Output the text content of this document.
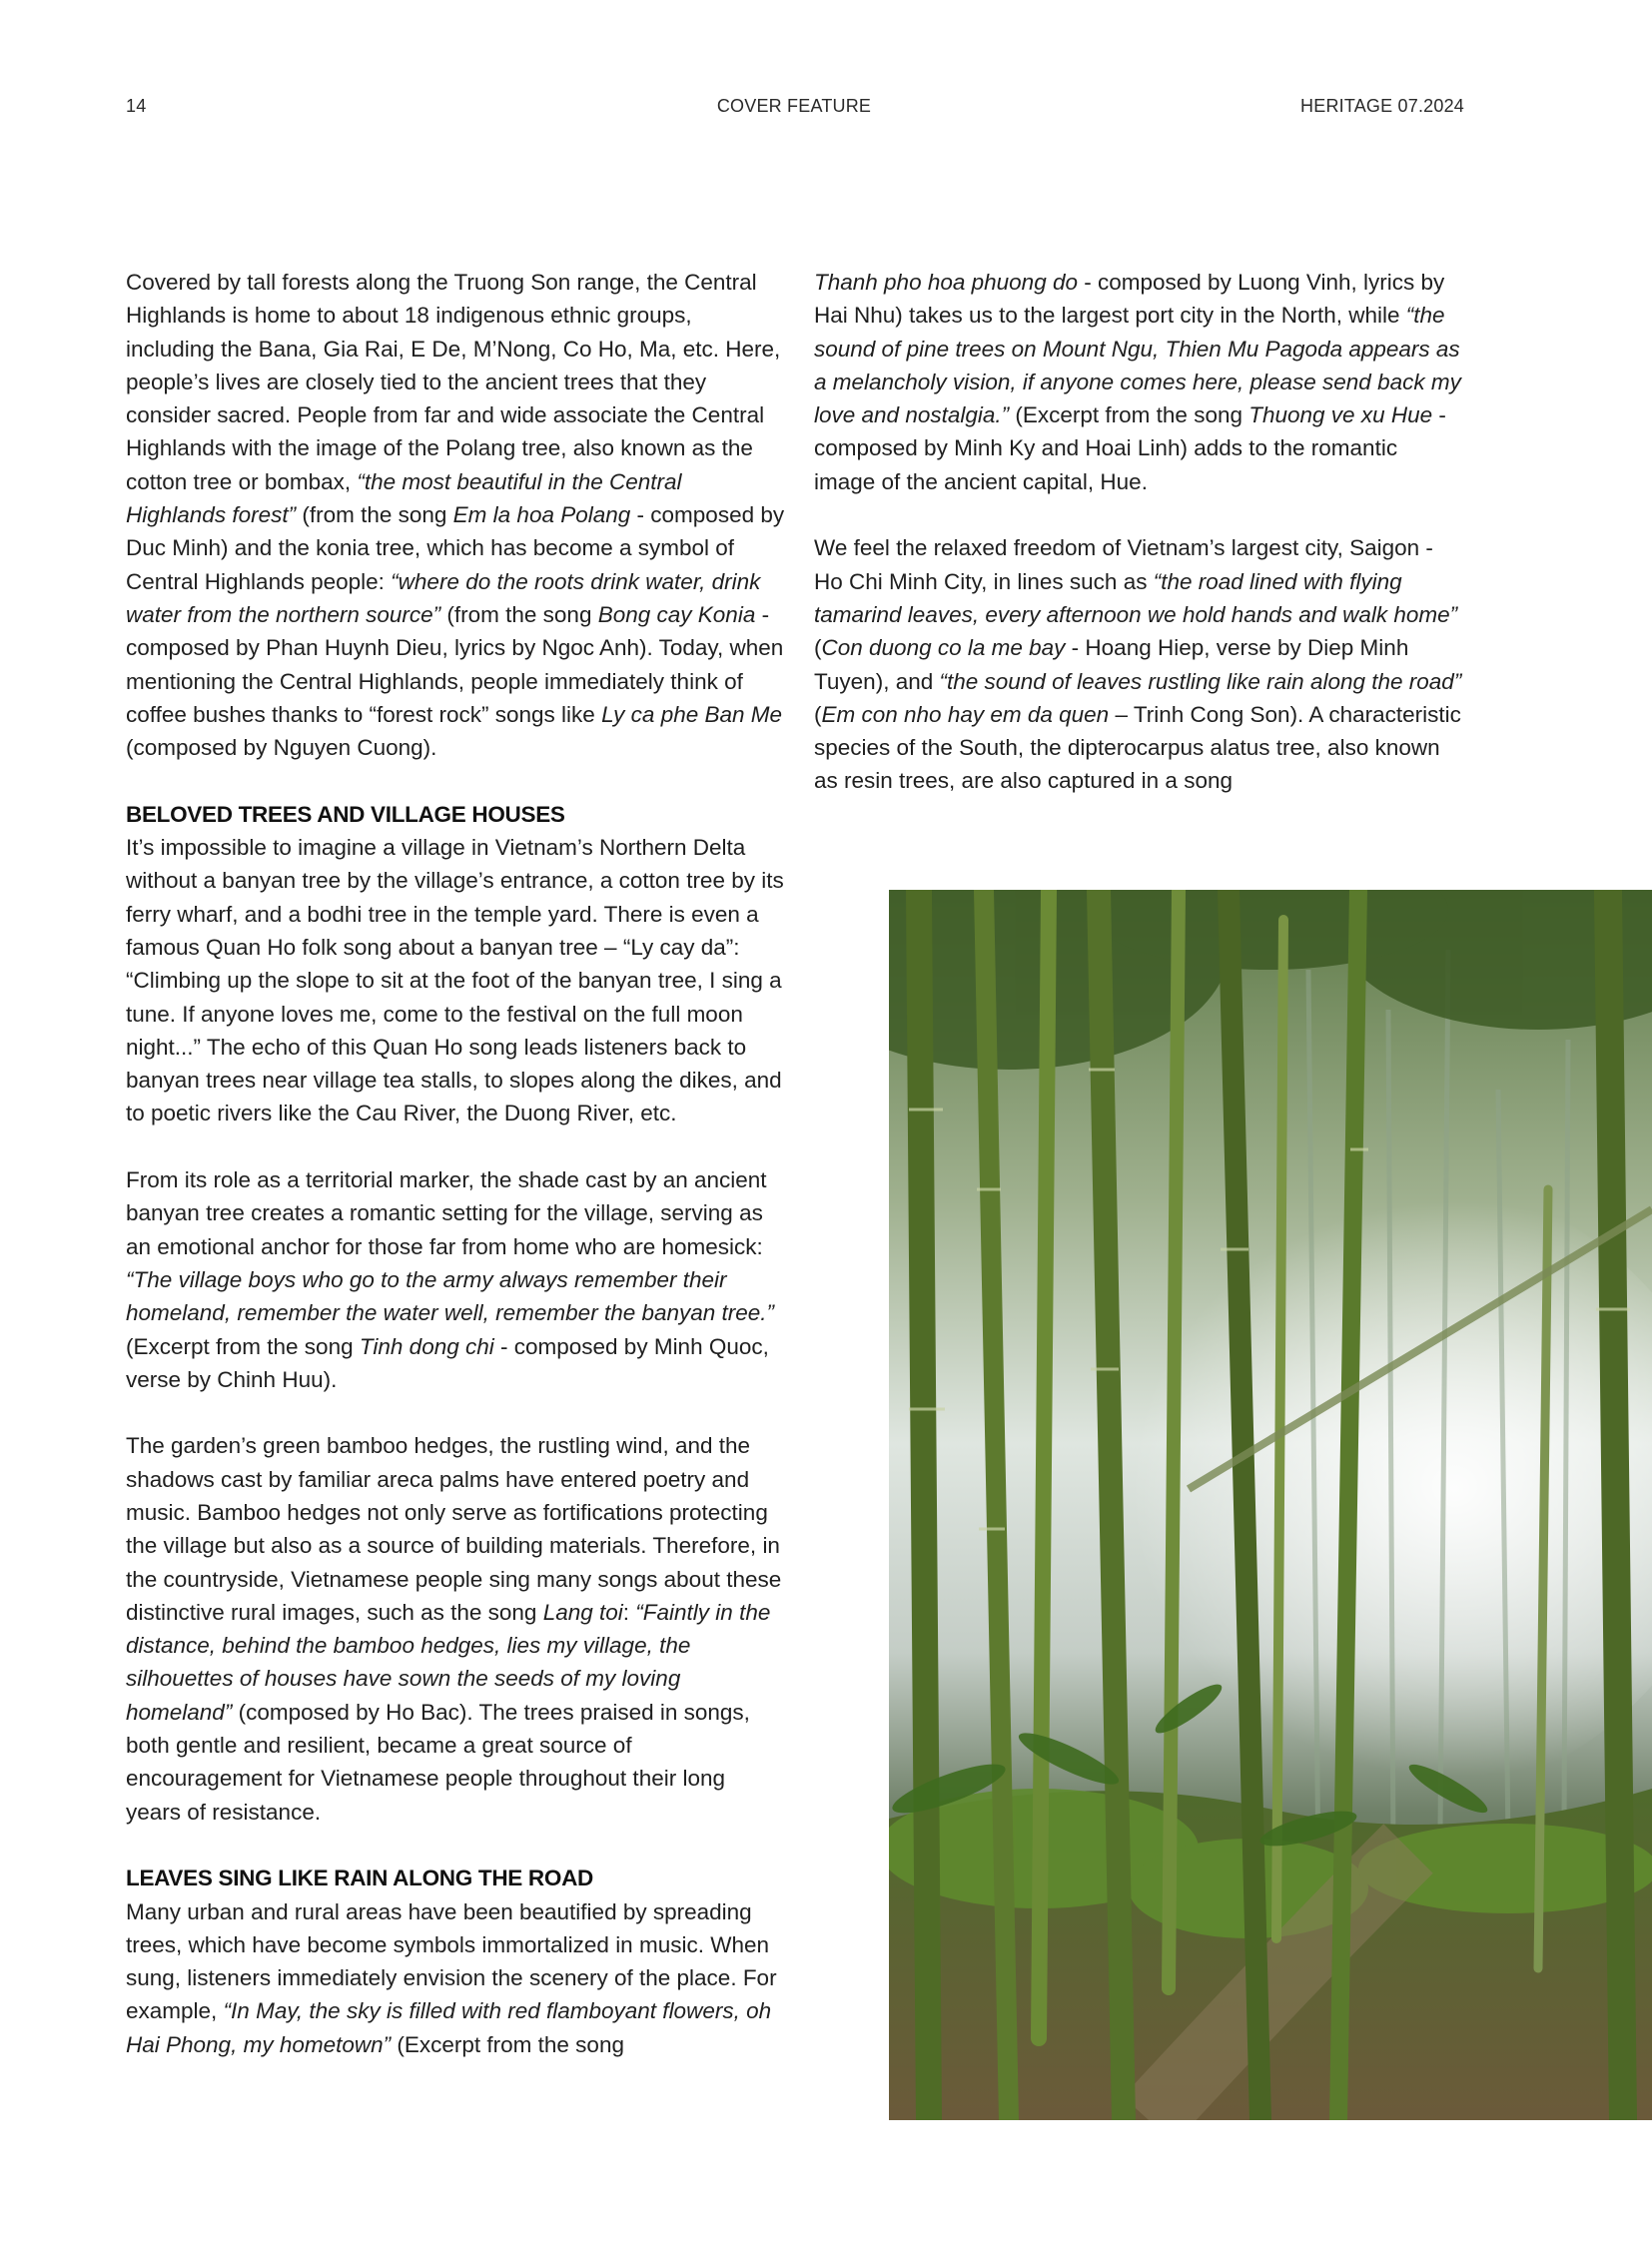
14	COVER FEATURE	HERITAGE 07.2024

Covered by tall forests along the Truong Son range, the Central Highlands is home to about 18 indigenous ethnic groups, including the Bana, Gia Rai, E De, M’Nong, Co Ho, Ma, etc. Here, people’s lives are closely tied to the ancient trees that they consider sacred. People from far and wide associate the Central Highlands with the image of the Polang tree, also known as the cotton tree or bombax, “the most beautiful in the Central Highlands forest” (from the song Em la hoa Polang - composed by Duc Minh) and the konia tree, which has become a symbol of Central Highlands people: “where do the roots drink water, drink water from the northern source” (from the song Bong cay Konia - composed by Phan Huynh Dieu, lyrics by Ngoc Anh). Today, when mentioning the Central Highlands, people immediately think of coffee bushes thanks to “forest rock” songs like Ly ca phe Ban Me (composed by Nguyen Cuong).

BELOVED TREES AND VILLAGE HOUSES

It’s impossible to imagine a village in Vietnam’s Northern Delta without a banyan tree by the village’s entrance, a cotton tree by its ferry wharf, and a bodhi tree in the temple yard. There is even a famous Quan Ho folk song about a banyan tree – “Ly cay da”: “Climbing up the slope to sit at the foot of the banyan tree, I sing a tune. If anyone loves me, come to the festival on the full moon night...” The echo of this Quan Ho song leads listeners back to banyan trees near village tea stalls, to slopes along the dikes, and to poetic rivers like the Cau River, the Duong River, etc.

From its role as a territorial marker, the shade cast by an ancient banyan tree creates a romantic setting for the village, serving as an emotional anchor for those far from home who are homesick: “The village boys who go to the army always remember their homeland, remember the water well, remember the banyan tree.” (Excerpt from the song Tinh dong chi - composed by Minh Quoc, verse by Chinh Huu).

The garden’s green bamboo hedges, the rustling wind, and the shadows cast by familiar areca palms have entered poetry and music. Bamboo hedges not only serve as fortifications protecting the village but also as a source of building materials. Therefore, in the countryside, Vietnamese people sing many songs about these distinctive rural images, such as the song Lang toi: “Faintly in the distance, behind the bamboo hedges, lies my village, the silhouettes of houses have sown the seeds of my loving homeland” (composed by Ho Bac). The trees praised in songs, both gentle and resilient, became a great source of encouragement for Vietnamese people throughout their long years of resistance.

LEAVES SING LIKE RAIN ALONG THE ROAD

Many urban and rural areas have been beautified by spreading trees, which have become symbols immortalized in music. When sung, listeners immediately envision the scenery of the place. For example, “In May, the sky is filled with red flamboyant flowers, oh Hai Phong, my hometown” (Excerpt from the song

Thanh pho hoa phuong do - composed by Luong Vinh, lyrics by Hai Nhu) takes us to the largest port city in the North, while “the sound of pine trees on Mount Ngu, Thien Mu Pagoda appears as a melancholy vision, if anyone comes here, please send back my love and nostalgia.” (Excerpt from the song Thuong ve xu Hue - composed by Minh Ky and Hoai Linh) adds to the romantic image of the ancient capital, Hue.

We feel the relaxed freedom of Vietnam’s largest city, Saigon - Ho Chi Minh City, in lines such as “the road lined with flying tamarind leaves, every afternoon we hold hands and walk home” (Con duong co la me bay - Hoang Hiep, verse by Diep Minh Tuyen), and “the sound of leaves rustling like rain along the road” (Em con nho hay em da quen – Trinh Cong Son). A characteristic species of the South, the dipterocarpus alatus tree, also known as resin trees, are also captured in a song
